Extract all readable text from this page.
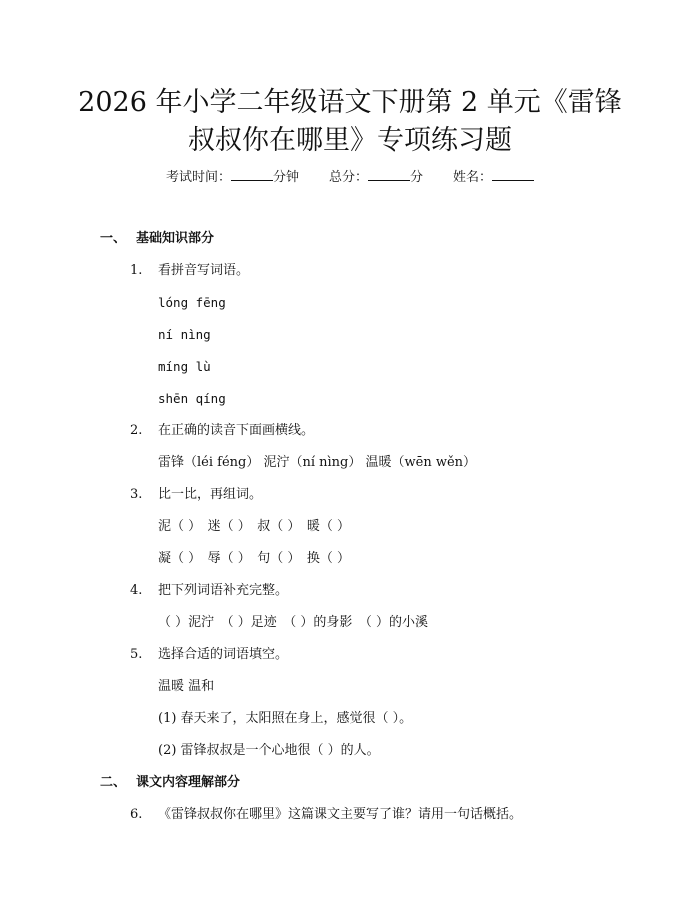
2026 年小学二年级语文下册第 2 单元《雷锋
叔叔你在哪里》专项练习题
考试时间：	分钟 总分：	分 姓名：
一、 基础知识部分
1. 看拼音写词语。
lóng fēng
ní nìng
míng lù
shēn qíng
2. 在正确的读音下面画横线。
雷锋（léi féng） 泥泞（ní nìng） 温暖（wēn wěn）
3. 比一比，再组词。
泥（ ）　迷（ ）　叔（ ）　暖（ ）
凝（ ）　辱（ ）　句（ ）　换（ ）
4. 把下列词语补充完整。
（ ）泥泞　（ ）足迹　（ ）的身影　（ ）的小溪
5. 选择合适的词语填空。
温暖 温和
(1) 春天来了，太阳照在身上，感觉很（ ）。
(2) 雷锋叔叔是一个心地很（ ）的人。
二、 课文内容理解部分
6. 《雷锋叔叔你在哪里》这篇课文主要写了谁？请用一句话概括。
